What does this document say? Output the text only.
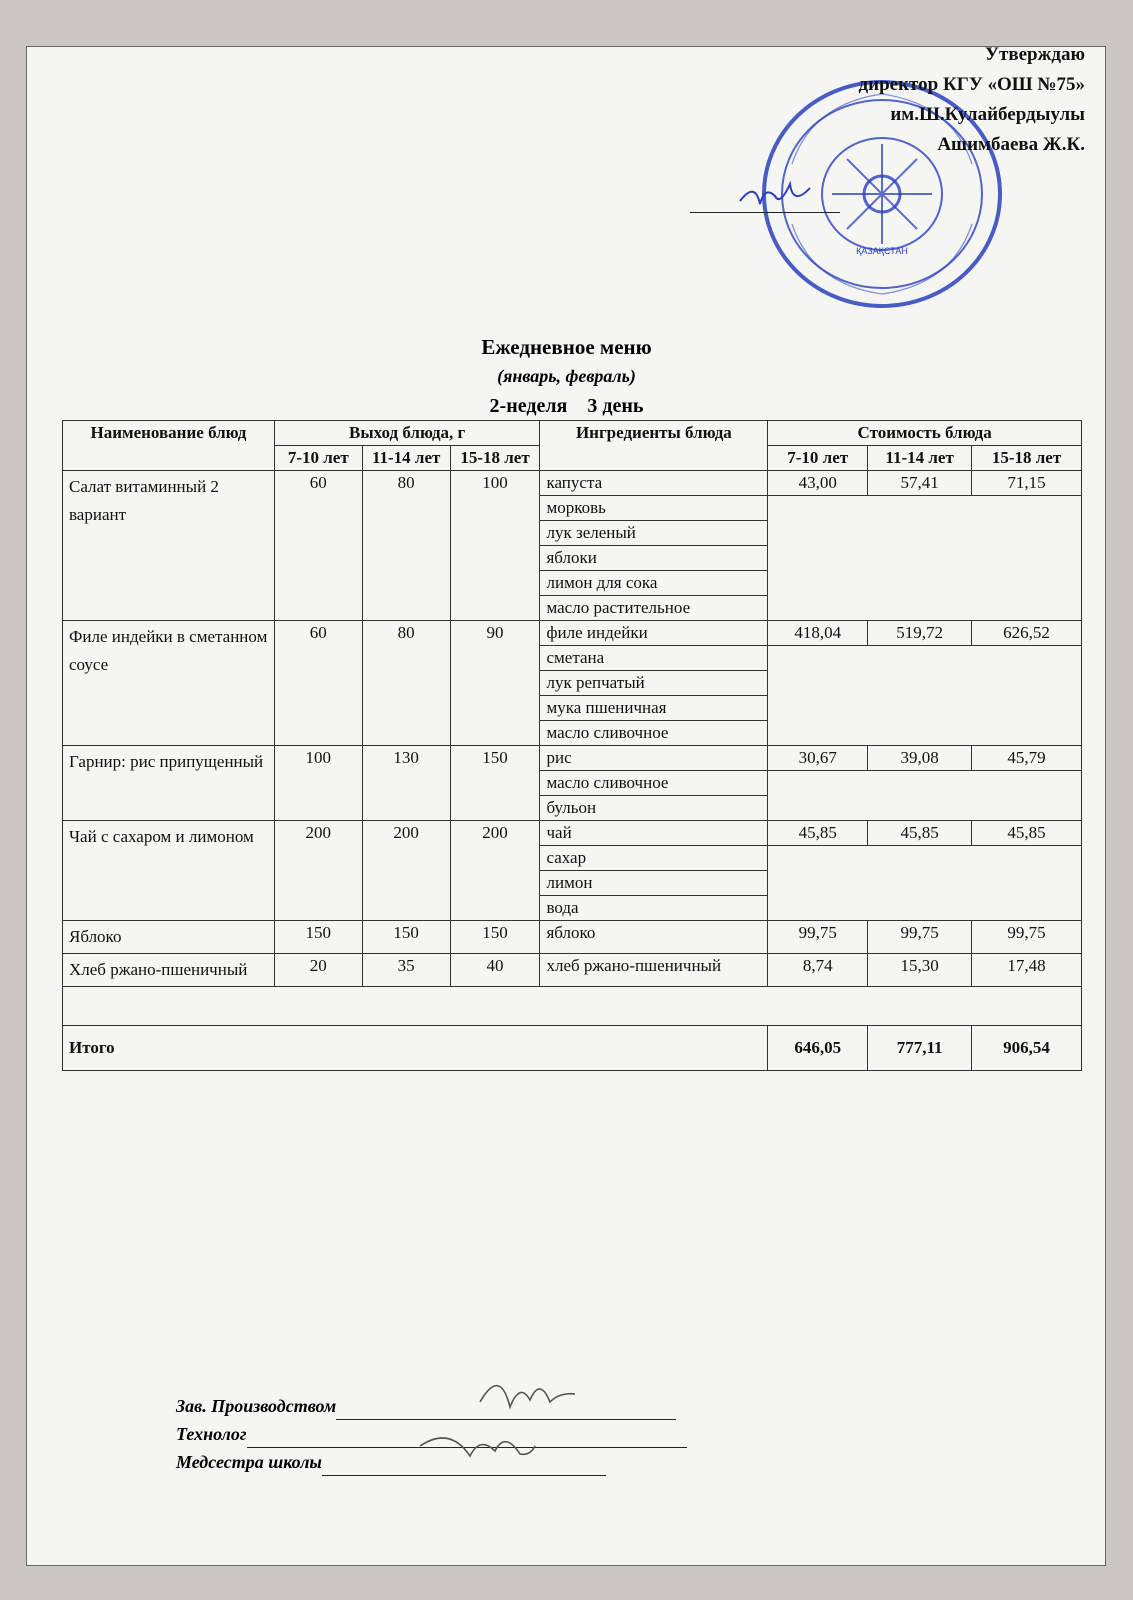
ҚАЗАҚСТАН
Утверждаю
директор КГУ «ОШ №75»
им.Ш.Кулайбердыулы
Ашимбаева Ж.К.
Ежедневное меню
(январь, февраль)
2-неделя 3 день
Наименование блюд	Выход блюда, г			Ингредиенты блюда	Стоимость блюда		
	7-10 лет	11-14 лет	15-18 лет		7-10 лет	11-14 лет	15-18 лет
Салат витаминный 2 вариант	60	80	100	капуста	43,00	57,41	71,15
				морковь			
				лук зеленый			
				яблоки			
				лимон для сока			
				масло растительное			
Филе индейки в сметанном соусе	60	80	90	филе индейки	418,04	519,72	626,52
				сметана			
				лук репчатый			
				мука пшеничная			
				масло сливочное			
Гарнир: рис припущенный	100	130	150	рис	30,67	39,08	45,79
				масло сливочное			
				бульон			
Чай с сахаром и лимоном	200	200	200	чай	45,85	45,85	45,85
				сахар			
				лимон			
				вода			
Яблоко	150	150	150	яблоко	99,75	99,75	99,75
Хлеб ржано-пшеничный	20	35	40	хлеб ржано-пшеничный	8,74	15,30	17,48

Итого					646,05	777,11	906,54
Зав. Производством
Технолог
Медсестра школы
